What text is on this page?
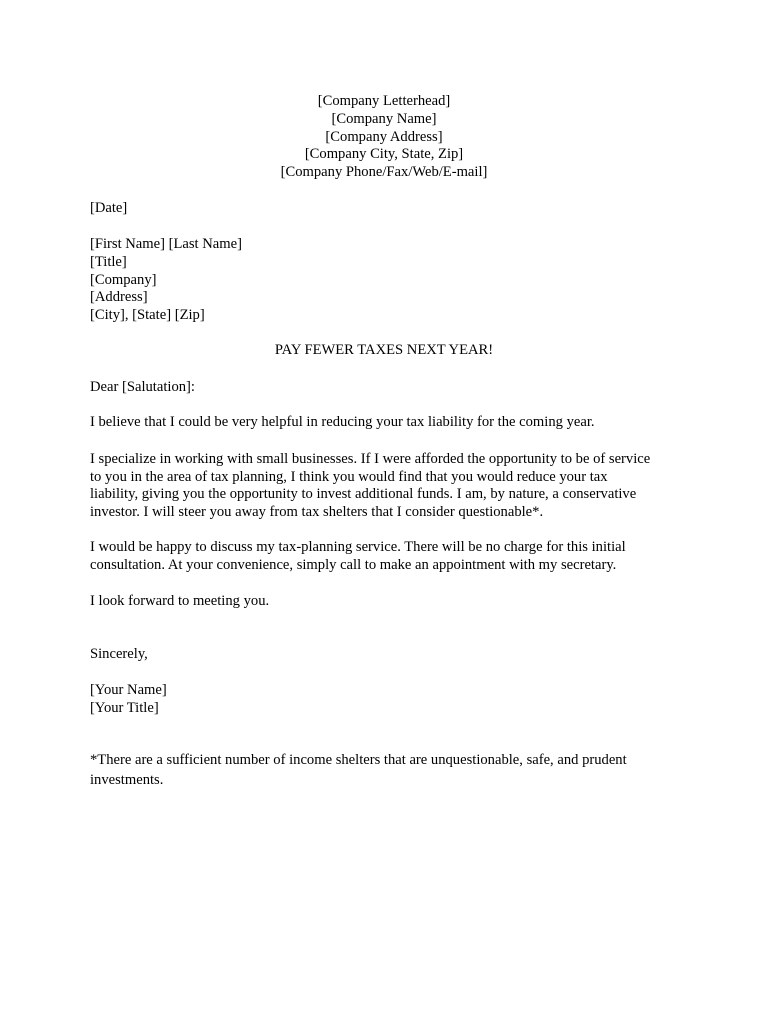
[Company Letterhead]
[Company Name]
[Company Address]
[Company City, State, Zip]
[Company Phone/Fax/Web/E-mail]
[Date]
[First Name] [Last Name]
[Title]
[Company]
[Address]
[City], [State] [Zip]
PAY FEWER TAXES NEXT YEAR!
Dear [Salutation]:
I believe that I could be very helpful in reducing your tax liability for the coming year.
I specialize in working with small businesses. If I were afforded the opportunity to be of service
to you in the area of tax planning, I think you would find that you would reduce your tax
liability, giving you the opportunity to invest additional funds. I am, by nature, a conservative
investor. I will steer you away from tax shelters that I consider questionable*.
I would be happy to discuss my tax-planning service. There will be no charge for this initial
consultation. At your convenience, simply call to make an appointment with my secretary.
I look forward to meeting you.
Sincerely,
[Your Name]
[Your Title]
*There are a sufficient number of income shelters that are unquestionable, safe, and prudent
investments.
